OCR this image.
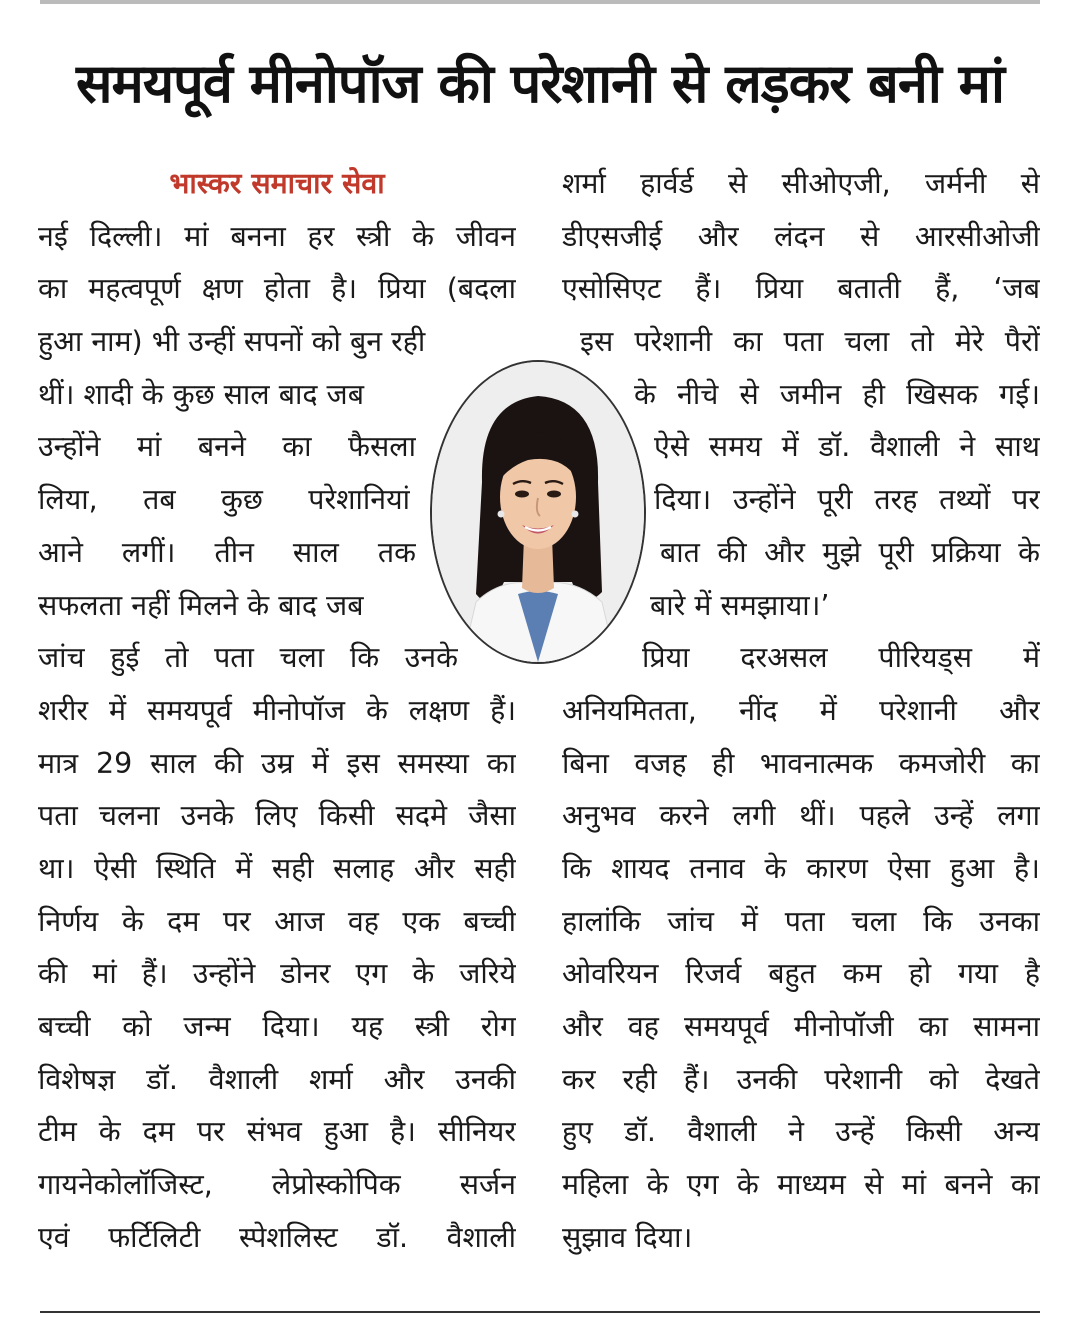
समयपूर्व मीनोपॉज की परेशानी से लड़कर बनी मां
भास्कर समाचार सेवा
नई दिल्ली। मां बनना हर स्त्री के जीवन
का महत्वपूर्ण क्षण होता है। प्रिया (बदला
हुआ नाम) भी उन्हीं सपनों को बुन रही
थीं। शादी के कुछ साल बाद जब
उन्होंने मां बनने का फैसला
लिया, तब कुछ परेशानियां
आने लगीं। तीन साल तक
सफलता नहीं मिलने के बाद जब
जांच हुई तो पता चला कि उनके
शरीर में समयपूर्व मीनोपॉज के लक्षण हैं।
मात्र 29 साल की उम्र में इस समस्या का
पता चलना उनके लिए किसी सदमे जैसा
था। ऐसी स्थिति में सही सलाह और सही
निर्णय के दम पर आज वह एक बच्ची
की मां हैं। उन्होंने डोनर एग के जरिये
बच्ची को जन्म दिया। यह स्त्री रोग
विशेषज्ञ डॉ. वैशाली शर्मा और उनकी
टीम के दम पर संभव हुआ है। सीनियर
गायनेकोलॉजिस्ट, लेप्रोस्कोपिक सर्जन
एवं फर्टिलिटी स्पेशलिस्ट डॉ. वैशाली
शर्मा हार्वर्ड से सीओएजी, जर्मनी से
डीएसजीई और लंदन से आरसीओजी
एसोसिएट हैं। प्रिया बताती हैं, ‘जब
इस परेशानी का पता चला तो मेरे पैरों
के नीचे से जमीन ही खिसक गई।
ऐसे समय में डॉ. वैशाली ने साथ
दिया। उन्होंने पूरी तरह तथ्यों पर
बात की और मुझे पूरी प्रक्रिया के
बारे में समझाया।’
प्रिया दरअसल पीरियड्स में
अनियमितता, नींद में परेशानी और
बिना वजह ही भावनात्मक कमजोरी का
अनुभव करने लगी थीं। पहले उन्हें लगा
कि शायद तनाव के कारण ऐसा हुआ है।
हालांकि जांच में पता चला कि उनका
ओवरियन रिजर्व बहुत कम हो गया है
और वह समयपूर्व मीनोपॉजी का सामना
कर रही हैं। उनकी परेशानी को देखते
हुए डॉ. वैशाली ने उन्हें किसी अन्य
महिला के एग के माध्यम से मां बनने का
सुझाव दिया।
